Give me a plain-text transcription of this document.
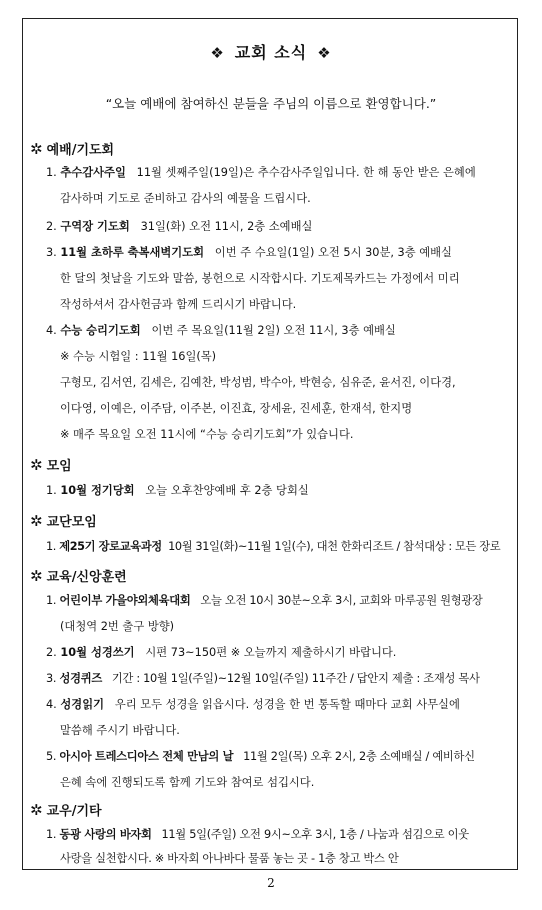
❖ 교회 소식 ❖
“오늘 예배에 참여하신 분들을 주님의 이름으로 환영합니다.”
✲ 예배/기도회
1. 추수감사주일 11월 셋째주일(19일)은 추수감사주일입니다. 한 해 동안 받은 은혜에
감사하며 기도로 준비하고 감사의 예물을 드립시다.
2. 구역장 기도회 31일(화) 오전 11시, 2층 소예배실
3. 11월 초하루 축복새벽기도회 이번 주 수요일(1일) 오전 5시 30분, 3층 예배실
한 달의 첫날을 기도와 말씀, 봉헌으로 시작합시다. 기도제목카드는 가정에서 미리
작성하셔서 감사헌금과 함께 드리시기 바랍니다.
4. 수능 승리기도회 이번 주 목요일(11월 2일) 오전 11시, 3층 예배실
※ 수능 시험일 : 11월 16일(목)
구형모, 김서연, 김세은, 김예찬, 박성범, 박수아, 박현승, 심유준, 윤서진, 이다경,
이다영, 이예은, 이주담, 이주본, 이진효, 장세윤, 진세훈, 한재석, 한지명
※ 매주 목요일 오전 11시에 “수능 승리기도회”가 있습니다.
✲ 모임
1. 10월 정기당회 오늘 오후찬양예배 후 2층 당회실
✲ 교단모임
1. 제25기 장로교육과정 10월 31일(화)~11월 1일(수), 대천 한화리조트 / 참석대상 : 모든 장로
✲ 교육/신앙훈련
1. 어린이부 가을야외체육대회 오늘 오전 10시 30분~오후 3시, 교회와 마루공원 원형광장
(대청역 2번 출구 방향)
2. 10월 성경쓰기 시편 73~150편 ※ 오늘까지 제출하시기 바랍니다.
3. 성경퀴즈 기간 : 10월 1일(주일)~12월 10일(주일) 11주간 / 답안지 제출 : 조재성 목사
4. 성경읽기 우리 모두 성경을 읽읍시다. 성경을 한 번 통독할 때마다 교회 사무실에
말씀해 주시기 바랍니다.
5. 아시아 트레스디아스 전체 만남의 날 11월 2일(목) 오후 2시, 2층 소예배실 / 예비하신
은혜 속에 진행되도록 함께 기도와 참여로 섬깁시다.
✲ 교우/기타
1. 동광 사랑의 바자회 11월 5일(주일) 오전 9시~오후 3시, 1층 / 나눔과 섬김으로 이웃
사랑을 실천합시다. ※ 바자회 아나바다 물품 놓는 곳 - 1층 창고 박스 안
2
